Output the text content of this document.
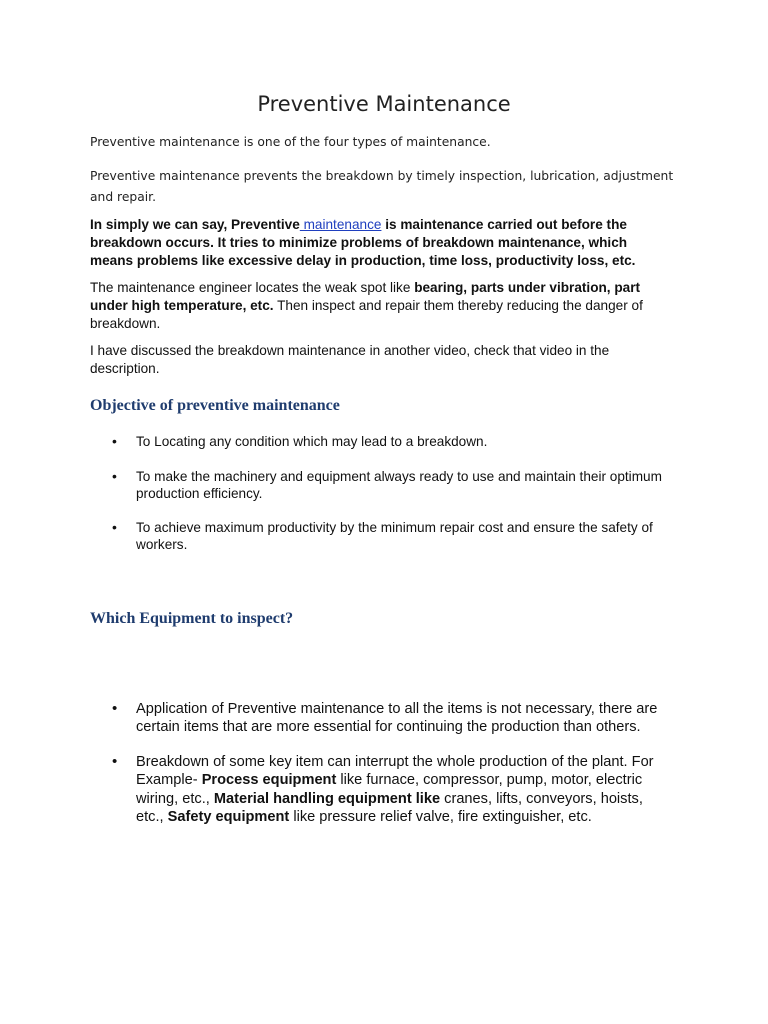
Preventive Maintenance
Preventive maintenance is one of the four types of maintenance.
Preventive maintenance prevents the breakdown by timely inspection, lubrication, adjustment
and repair.
In simply we can say, Preventive maintenance is maintenance carried out before the
breakdown occurs. It tries to minimize problems of breakdown maintenance, which
means problems like excessive delay in production, time loss, productivity loss, etc.
The maintenance engineer locates the weak spot like bearing, parts under vibration, part
under high temperature, etc. Then inspect and repair them thereby reducing the danger of
breakdown.
I have discussed the breakdown maintenance in another video, check that video in the
description.
Objective of preventive maintenance
• To Locating any condition which may lead to a breakdown.
• To make the machinery and equipment always ready to use and maintain their optimum
production efficiency.
• To achieve maximum productivity by the minimum repair cost and ensure the safety of
workers.
Which Equipment to inspect?
• Application of Preventive maintenance to all the items is not necessary, there are
certain items that are more essential for continuing the production than others.
• Breakdown of some key item can interrupt the whole production of the plant. For
Example- Process equipment like furnace, compressor, pump, motor, electric
wiring, etc., Material handling equipment like cranes, lifts, conveyors, hoists,
etc., Safety equipment like pressure relief valve, fire extinguisher, etc.
